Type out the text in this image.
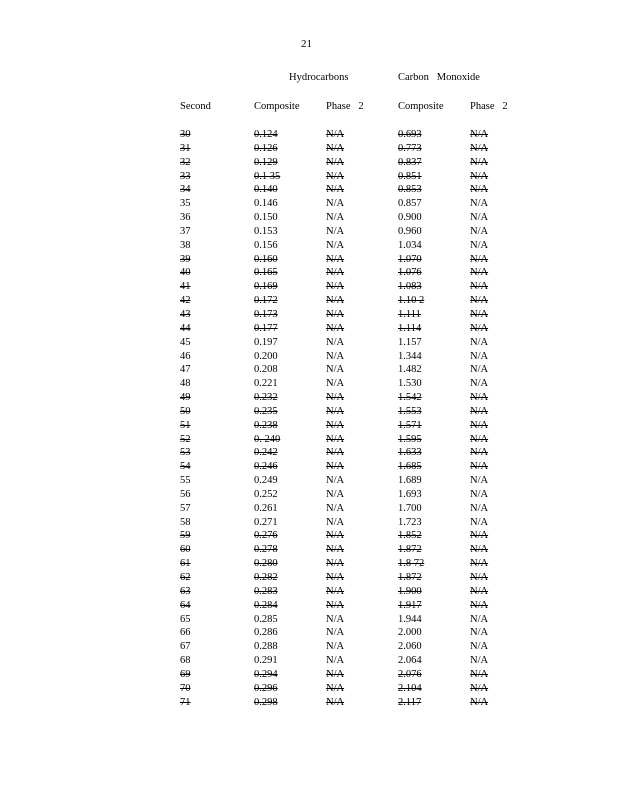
21
Hydrocarbons	Carbon   Monoxide
Second	Composite	Phase   2	Composite	Phase   2
30	0.124	N/A	0.693	N/A
31	0.126	N/A	0.773	N/A
32	0.129	N/A	0.837	N/A
33	0.1 35	N/A	0.851	N/A
34	0.140	N/A	0.853	N/A
35	0.146	N/A	0.857	N/A
36	0.150	N/A	0.900	N/A
37	0.153	N/A	0.960	N/A
38	0.156	N/A	1.034	N/A
39	0.160	N/A	1.070	N/A
40	0.165	N/A	1.076	N/A
41	0.169	N/A	1.083	N/A
42	0.172	N/A	1.10 2	N/A
43	0.173	N/A	1.111	N/A
44	0.177	N/A	1.114	N/A
45	0.197	N/A	1.157	N/A
46	0.200	N/A	1.344	N/A
47	0.208	N/A	1.482	N/A
48	0.221	N/A	1.530	N/A
49	0.232	N/A	1.542	N/A
50	0.235	N/A	1.553	N/A
51	0.238	N/A	1.571	N/A
52	0. 240	N/A	1.595	N/A
53	0.242	N/A	1.633	N/A
54	0.246	N/A	1.685	N/A
55	0.249	N/A	1.689	N/A
56	0.252	N/A	1.693	N/A
57	0.261	N/A	1.700	N/A
58	0.271	N/A	1.723	N/A
59	0.276	N/A	1.852	N/A
60	0.278	N/A	1.872	N/A
61	0.280	N/A	1.8 72	N/A
62	0.282	N/A	1.872	N/A
63	0.283	N/A	1.900	N/A
64	0.284	N/A	1.917	N/A
65	0.285	N/A	1.944	N/A
66	0.286	N/A	2.000	N/A
67	0.288	N/A	2.060	N/A
68	0.291	N/A	2.064	N/A
69	0.294	N/A	2.076	N/A
70	0.296	N/A	2.104	N/A
71	0.298	N/A	2.117	N/A
